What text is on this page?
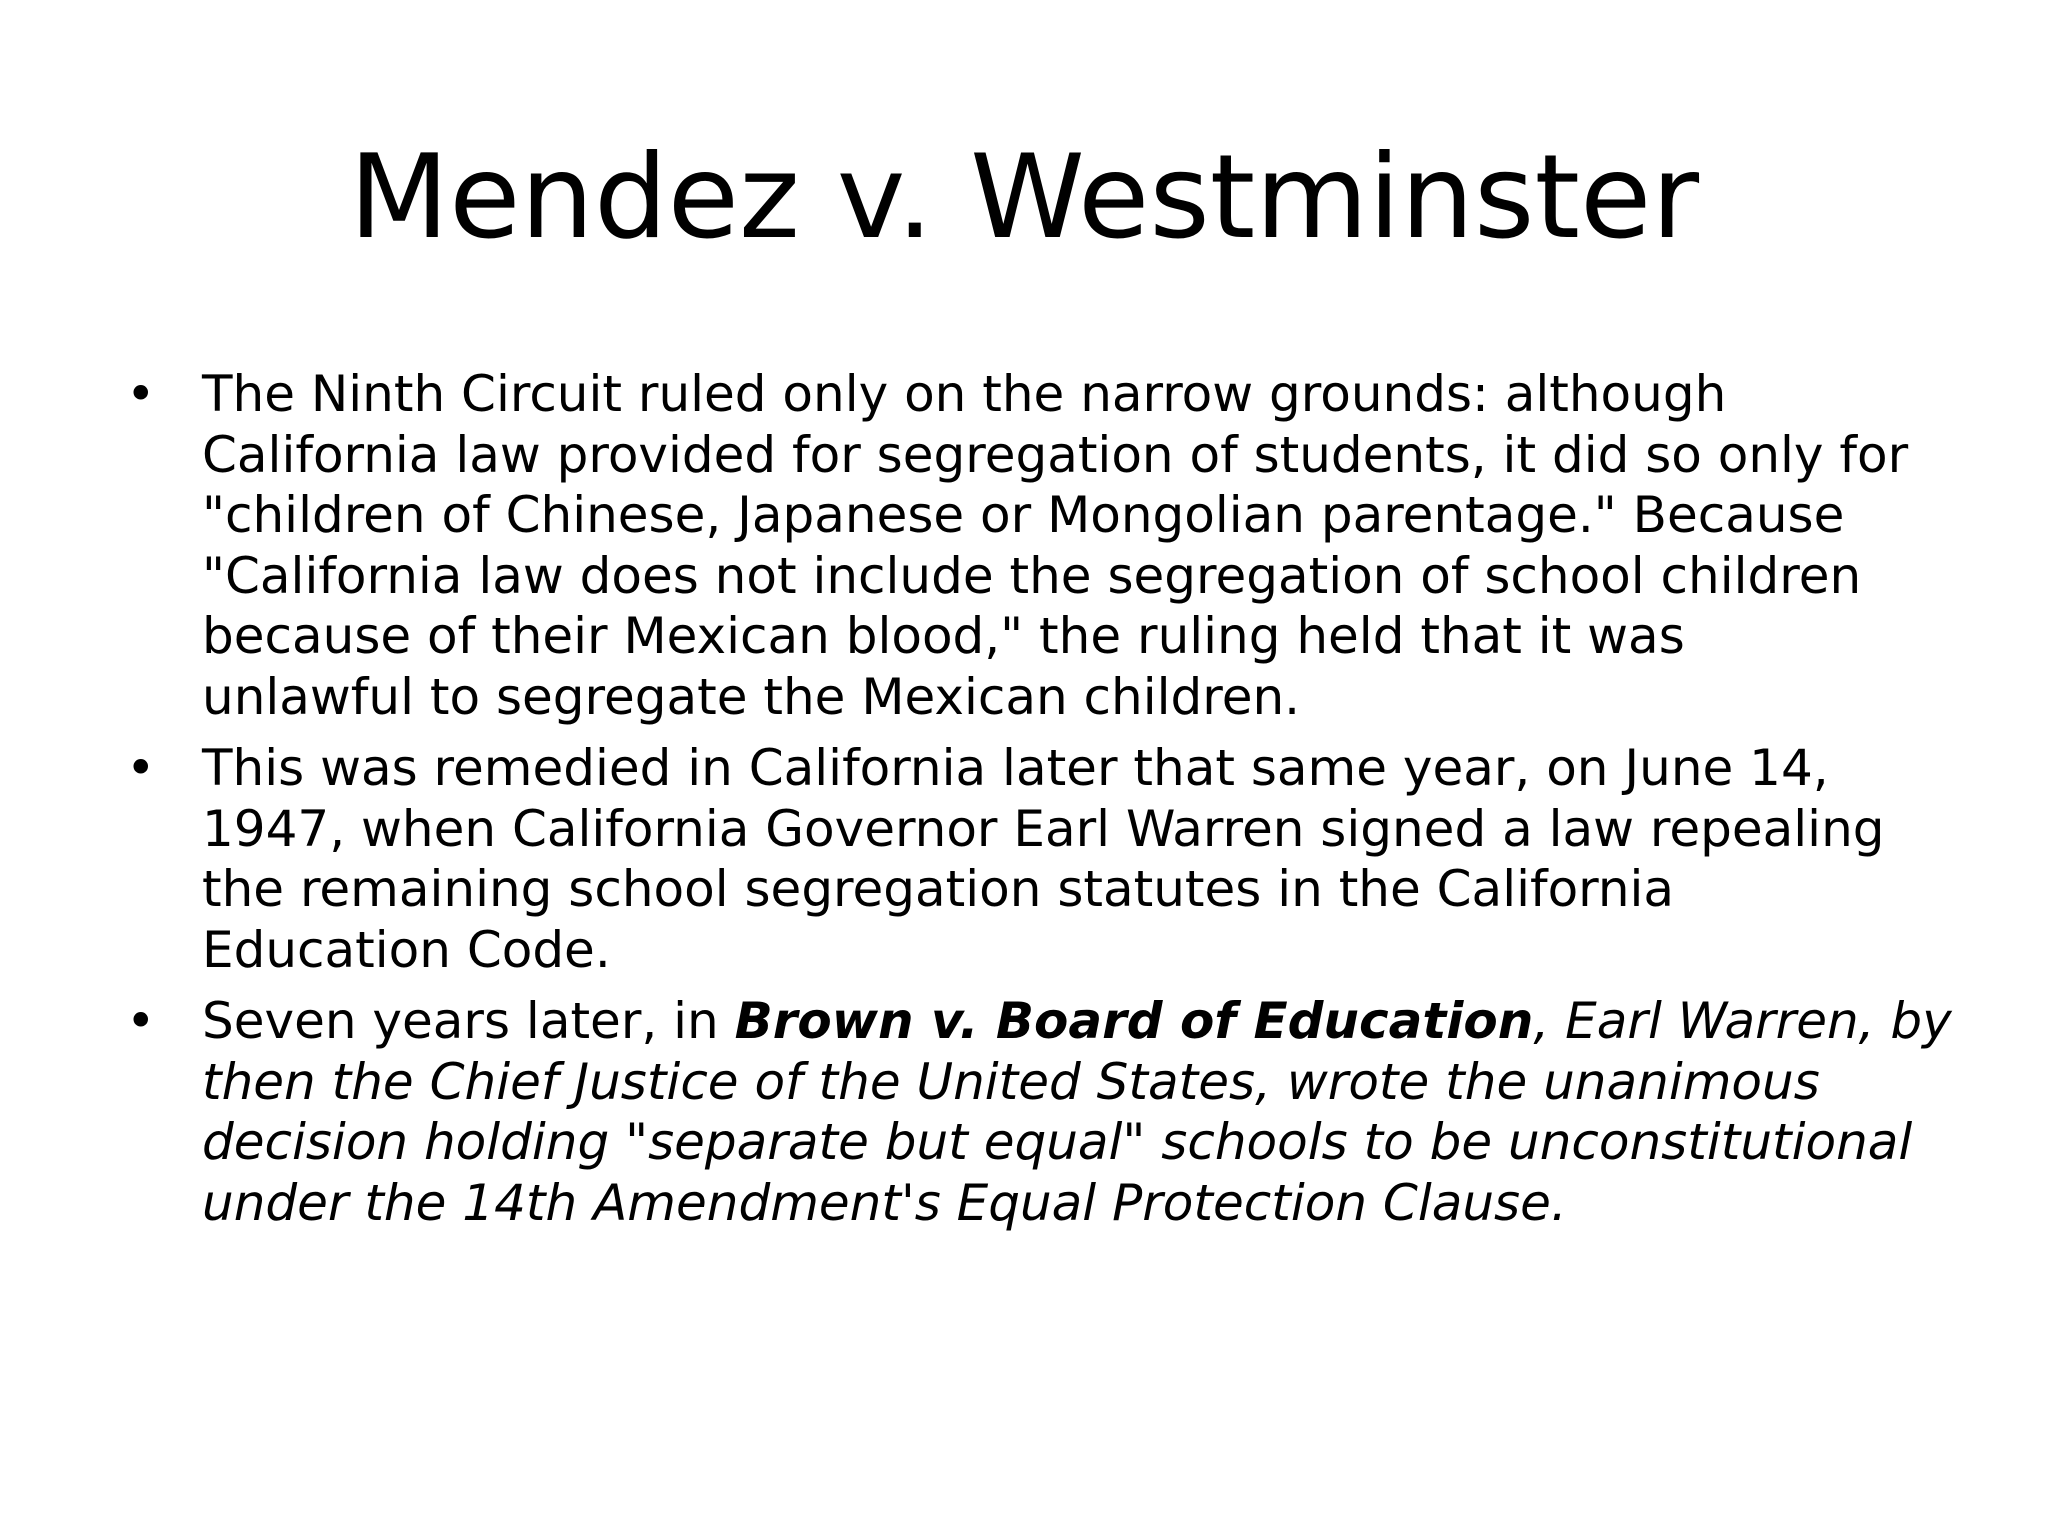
Mendez v. Westminster
• The Ninth Circuit ruled only on the narrow grounds: although
California law provided for segregation of students, it did so only for
"children of Chinese, Japanese or Mongolian parentage." Because
"California law does not include the segregation of school children
because of their Mexican blood," the ruling held that it was
unlawful to segregate the Mexican children.
• This was remedied in California later that same year, on June 14,
1947, when California Governor Earl Warren signed a law repealing
the remaining school segregation statutes in the California
Education Code.
• Seven years later, in Brown v. Board of Education, Earl Warren, by
then the Chief Justice of the United States, wrote the unanimous
decision holding "separate but equal" schools to be unconstitutional
under the 14th Amendment's Equal Protection Clause.
